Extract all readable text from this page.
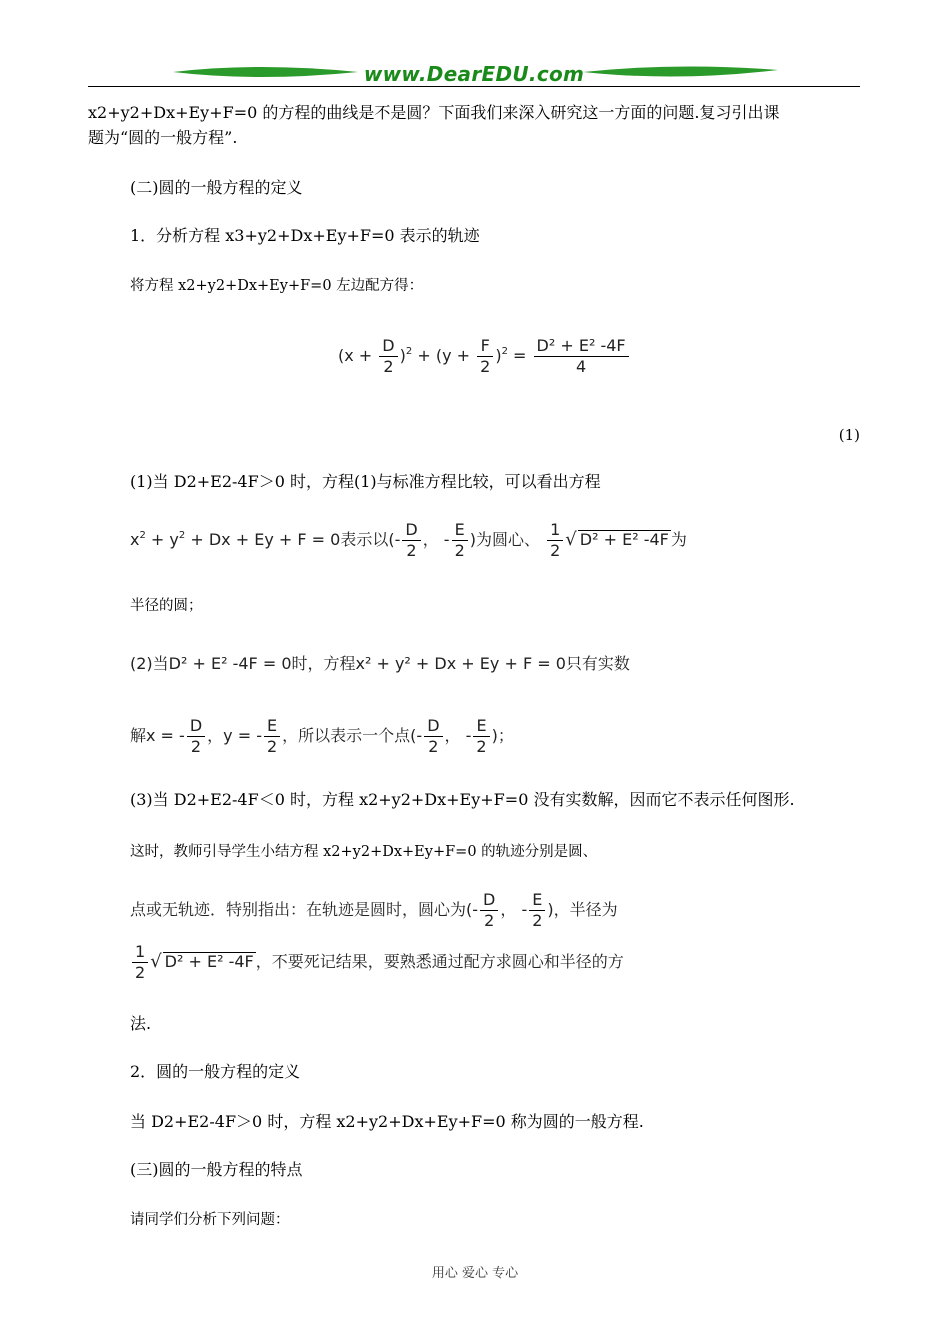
www.DearEDU.com
x2+y2+Dx+Ey+F=0 的方程的曲线是不是圆？下面我们来深入研究这一方面的问题.复习引出课
题为“圆的一般方程”.
(二)圆的一般方程的定义
1．分析方程 x3+y2+Dx+Ey+F=0 表示的轨迹
将方程 x2+y2+Dx+Ey+F=0 左边配方得：
$(x + \frac{D}{2} )^2 + (y + \frac{F}{2} )^2 = \frac{\text{D² + E² -4F}}{4}$
(1)
(1)当 D2+E2-4F＞0 时，方程(1)与标准方程比较，可以看出方程
$x^2 + y^2 + Dx + Ey + F = 0$表示以(- $\frac{D}{2}$ ， - $\frac{E}{2}$ )为圆心、 $\frac{1}{2}$ √ D² + E² -4F 为
半径的圆；
(2)当D² + E² -4F = 0时，方程x² + y² + Dx + Ey + F = 0只有实数
解x = - $\frac{D}{2}$ ，y = - $\frac{E}{2}$ ，所以表示一个点(- $\frac{D}{2}$ ， - $\frac{E}{2}$ )；
(3)当 D2+E2-4F＜0 时，方程 x2+y2+Dx+Ey+F=0 没有实数解，因而它不表示任何图形.
这时，教师引导学生小结方程 x2+y2+Dx+Ey+F=0 的轨迹分别是圆、
点或无轨迹．特别指出：在轨迹是圆时，圆心为(- $\frac{D}{2}$ ， - $\frac{E}{2}$ )，半径为
$\frac{1}{2}$ √ D² + E² -4F ，不要死记结果，要熟悉通过配方求圆心和半径的方
法.
2．圆的一般方程的定义
当 D2+E2-4F＞0 时，方程 x2+y2+Dx+Ey+F=0 称为圆的一般方程.
(三)圆的一般方程的特点
请同学们分析下列问题：
用心 爱心 专心
